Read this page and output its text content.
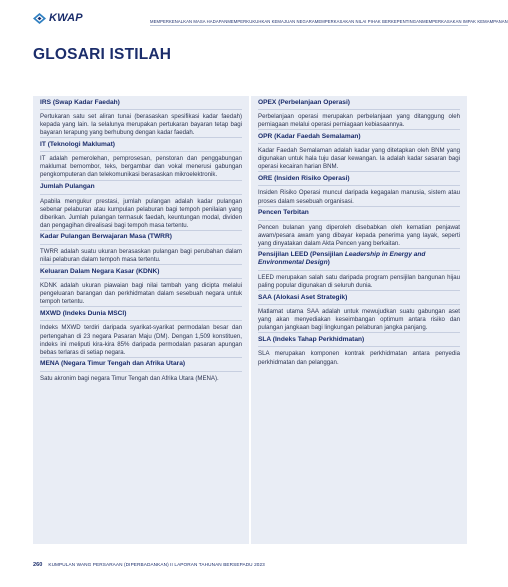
KWAP	MEMPERKENALKAN MASA HADAPAN MEMPERKUKUHKAN KEMAJUAN NEGARA MEMPERKASAKAN NILAI PIHAK BERKEPENTINGAN MEMPERKASAKAN IMPAK KEMAMPANAN
GLOSARI ISTILAH
IRS (Swap Kadar Faedah)

Pertukaran satu set aliran tunai (berasaskan spesifikasi kadar faedah) kepada yang lain. Ia selalunya merupakan pertukaran bayaran tetap bagi bayaran terapung yang berhubung dengan kadar faedah.

IT (Teknologi Maklumat)

IT adalah pemerolehan, pemprosesan, penstoran dan penggabungan maklumat bernombor, teks, bergambar dan vokal menerusi gabungan pengkomputeran dan telekomunikasi berasaskan mikroelektronik.

Jumlah Pulangan

Apabila mengukur prestasi, jumlah pulangan adalah kadar pulangan sebenar pelaburan atau kumpulan pelaburan bagi tempoh penilaian yang diberikan. Jumlah pulangan termasuk faedah, keuntungan modal, dividen dan pengagihan direalisasi bagi tempoh masa tertentu.

Kadar Pulangan Berwajaran Masa (TWRR)

TWRR adalah suatu ukuran berasaskan pulangan bagi perubahan dalam nilai pelaburan dalam tempoh masa tertentu.

Keluaran Dalam Negara Kasar (KDNK)

KDNK adalah ukuran piawaian bagi nilai tambah yang dicipta melalui pengeluaran barangan dan perkhidmatan dalam sesebuah negara untuk tempoh tertentu.

MXWD (Indeks Dunia MSCI)

Indeks MXWD terdiri daripada syarikat-syarikat permodalan besar dan pertengahan di 23 negara Pasaran Maju (DM). Dengan 1,509 konstituen, indeks ini meliputi kira-kira 85% daripada permodalan pasaran apungan bebas terlaras di setiap negara.

MENA (Negara Timur Tengah dan Afrika Utara)

Satu akronim bagi negara Timur Tengah dan Afrika Utara (MENA).

OPEX (Perbelanjaan Operasi)

Perbelanjaan operasi merupakan perbelanjaan yang ditanggung oleh perniagaan melalui operasi perniagaan kebiasaannya.

OPR (Kadar Faedah Semalaman)

Kadar Faedah Semalaman adalah kadar yang ditetapkan oleh BNM yang digunakan untuk hala tuju dasar kewangan. Ia adalah kadar sasaran bagi operasi kecairan harian BNM.

ORE (Insiden Risiko Operasi)

Insiden Risiko Operasi muncul daripada kegagalan manusia, sistem atau proses dalam sesebuah organisasi.

Pencen Terbitan

Pencen bulanan yang diperoleh disebabkan oleh kematian penjawat awam/pesara awam yang dibayar kepada penerima yang layak, seperti yang dinyatakan dalam Akta Pencen yang berkaitan.

Pensijilan LEED (Pensijilan Leadership in Energy and Environmental Design)

LEED merupakan salah satu daripada program pensijilan bangunan hijau paling popular digunakan di seluruh dunia.

SAA (Alokasi Aset Strategik)

Matlamat utama SAA adalah untuk mewujudkan suatu gabungan aset yang akan menyediakan keseimbangan optimum antara risiko dan pulangan jangkaan bagi lingkungan pelaburan jangka panjang.

SLA (Indeks Tahap Perkhidmatan)

SLA merupakan komponen kontrak perkhidmatan antara penyedia perkhidmatan dan pelanggan.

260 KUMPULAN WANG PERSARAAN (DIPERBADANKAN) II LAPORAN TAHUNAN BERSEPADU 2023
